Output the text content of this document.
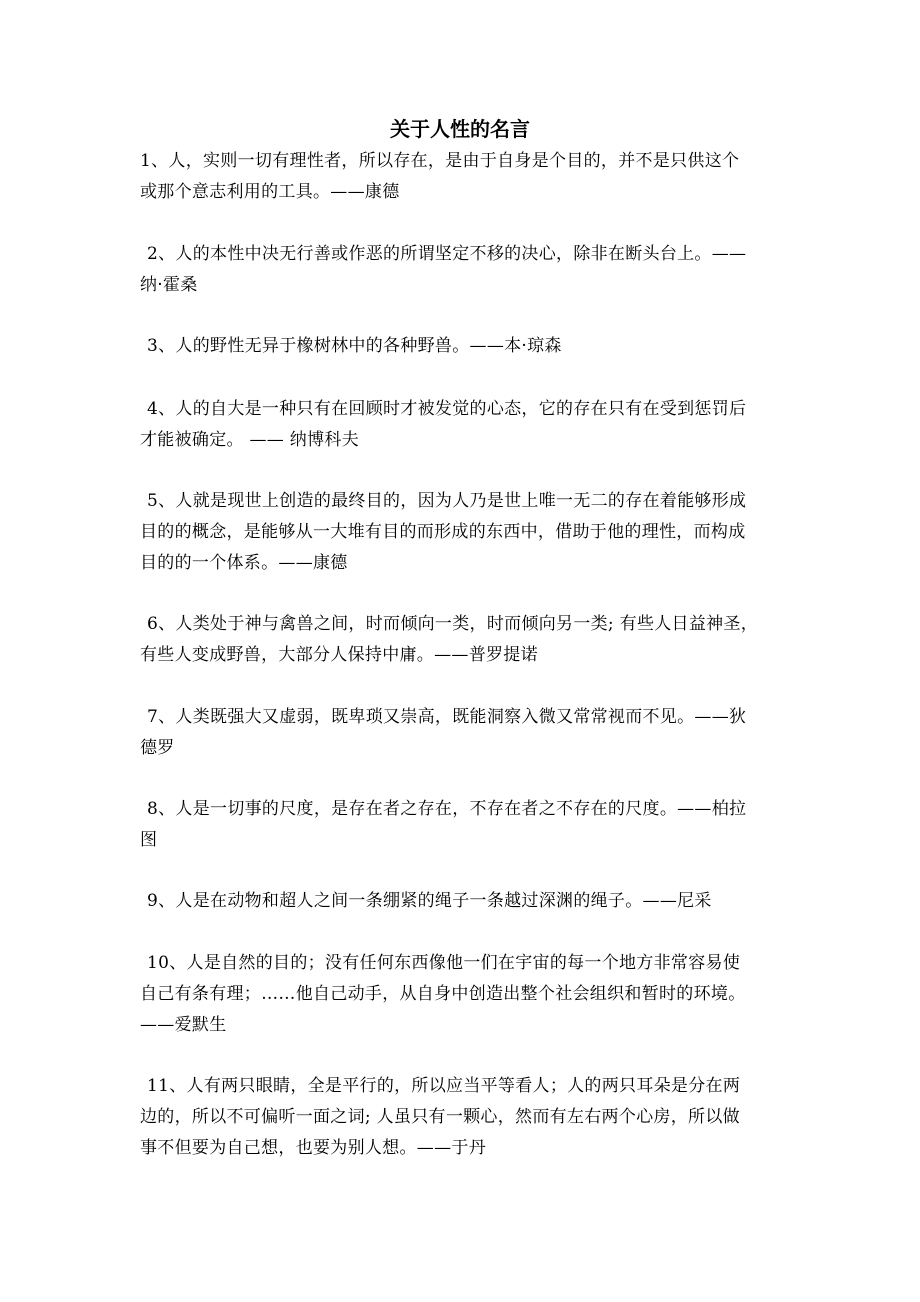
关于人性的名言

1、人，实则一切有理性者，所以存在，是由于自身是个目的，并不是只供这个
或那个意志利用的工具。——康德

2、人的本性中决无行善或作恶的所谓坚定不移的决心，除非在断头台上。——
纳·霍桑

3、人的野性无异于橡树林中的各种野兽。——本·琼森

4、人的自大是一种只有在回顾时才被发觉的心态，它的存在只有在受到惩罚后
才能被确定。 —— 纳博科夫

5、人就是现世上创造的最终目的，因为人乃是世上唯一无二的存在着能够形成
目的的概念，是能够从一大堆有目的而形成的东西中，借助于他的理性，而构成
目的的一个体系。——康德

6、人类处于神与禽兽之间，时而倾向一类，时而倾向另一类; 有些人日益神圣，
有些人变成野兽，大部分人保持中庸。——普罗提诺

7、人类既强大又虚弱，既卑琐又崇高，既能洞察入微又常常视而不见。——狄
德罗

8、人是一切事的尺度，是存在者之存在，不存在者之不存在的尺度。——柏拉
图

9、人是在动物和超人之间一条绷紧的绳子一条越过深渊的绳子。——尼采

10、人是自然的目的；没有任何东西像他一们在宇宙的每一个地方非常容易使
自己有条有理；……他自己动手，从自身中创造出整个社会组织和暂时的环境。
——爱默生

11、人有两只眼睛，全是平行的，所以应当平等看人；人的两只耳朵是分在两
边的，所以不可偏听一面之词; 人虽只有一颗心，然而有左右两个心房，所以做
事不但要为自己想，也要为别人想。——于丹
